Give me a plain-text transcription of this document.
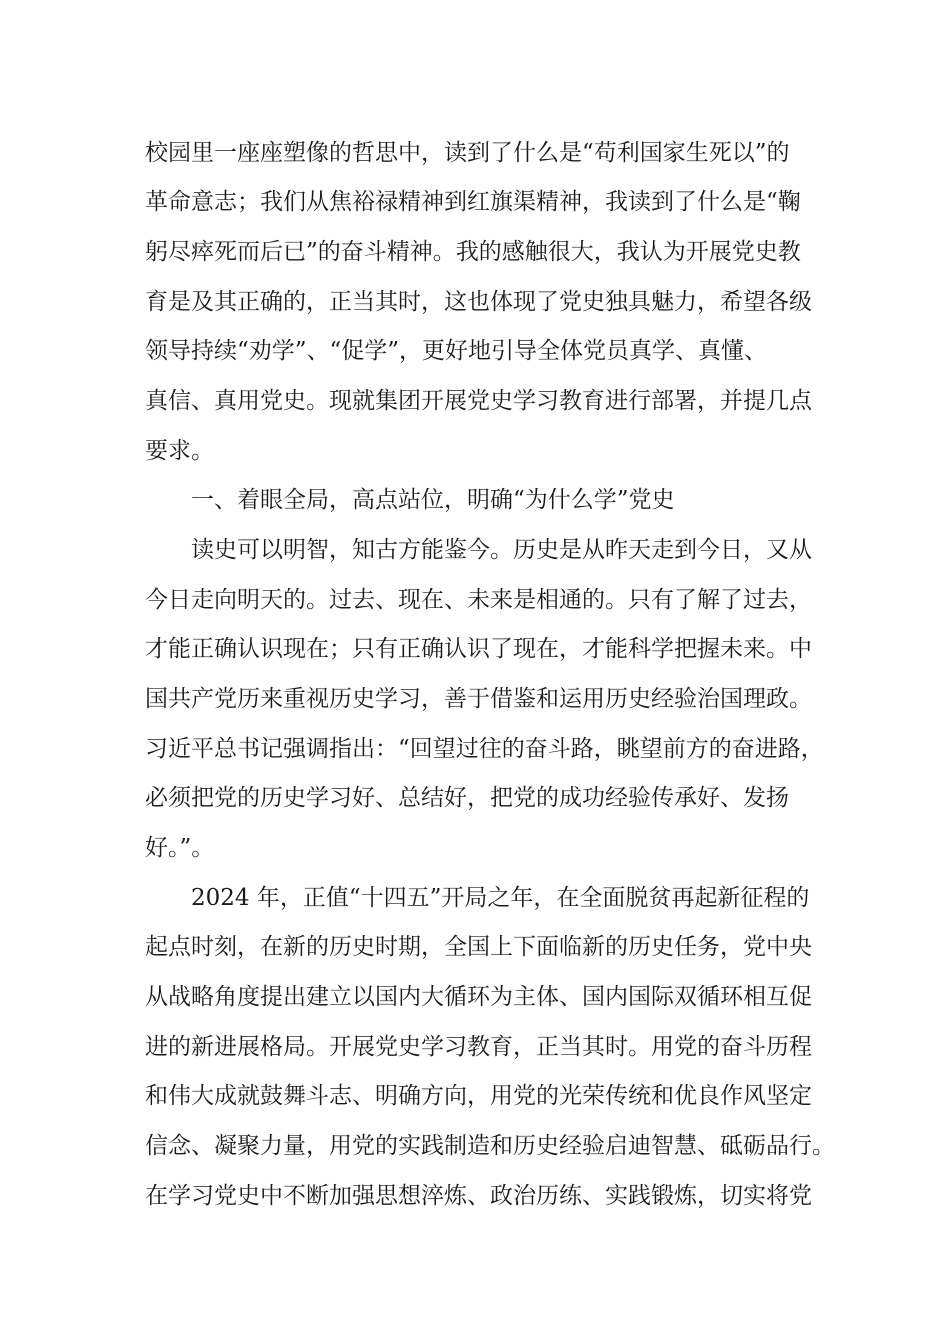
校园里一座座塑像的哲思中，读到了什么是“苟利国家生死以”的

革命意志；我们从焦裕禄精神到红旗渠精神，我读到了什么是“鞠

躬尽瘁死而后已”的奋斗精神。我的感触很大，我认为开展党史教

育是及其正确的，正当其时，这也体现了党史独具魅力，希望各级

领导持续“劝学”、“促学”，更好地引导全体党员真学、真懂、

真信、真用党史。现就集团开展党史学习教育进行部署，并提几点

要求。

一、着眼全局，高点站位，明确“为什么学”党史

读史可以明智，知古方能鉴今。历史是从昨天走到今日，又从

今日走向明天的。过去、现在、未来是相通的。只有了解了过去，

才能正确认识现在；只有正确认识了现在，才能科学把握未来。中

国共产党历来重视历史学习，善于借鉴和运用历史经验治国理政。

习近平总书记强调指出：“回望过往的奋斗路，眺望前方的奋进路，

必须把党的历史学习好、总结好，把党的成功经验传承好、发扬

好。”。

2024 年，正值“十四五”开局之年，在全面脱贫再起新征程的

起点时刻，在新的历史时期，全国上下面临新的历史任务，党中央

从战略角度提出建立以国内大循环为主体、国内国际双循环相互促

进的新进展格局。开展党史学习教育，正当其时。用党的奋斗历程

和伟大成就鼓舞斗志、明确方向，用党的光荣传统和优良作风坚定

信念、凝聚力量，用党的实践制造和历史经验启迪智慧、砥砺品行。

在学习党史中不断加强思想淬炼、政治历练、实践锻炼，切实将党
